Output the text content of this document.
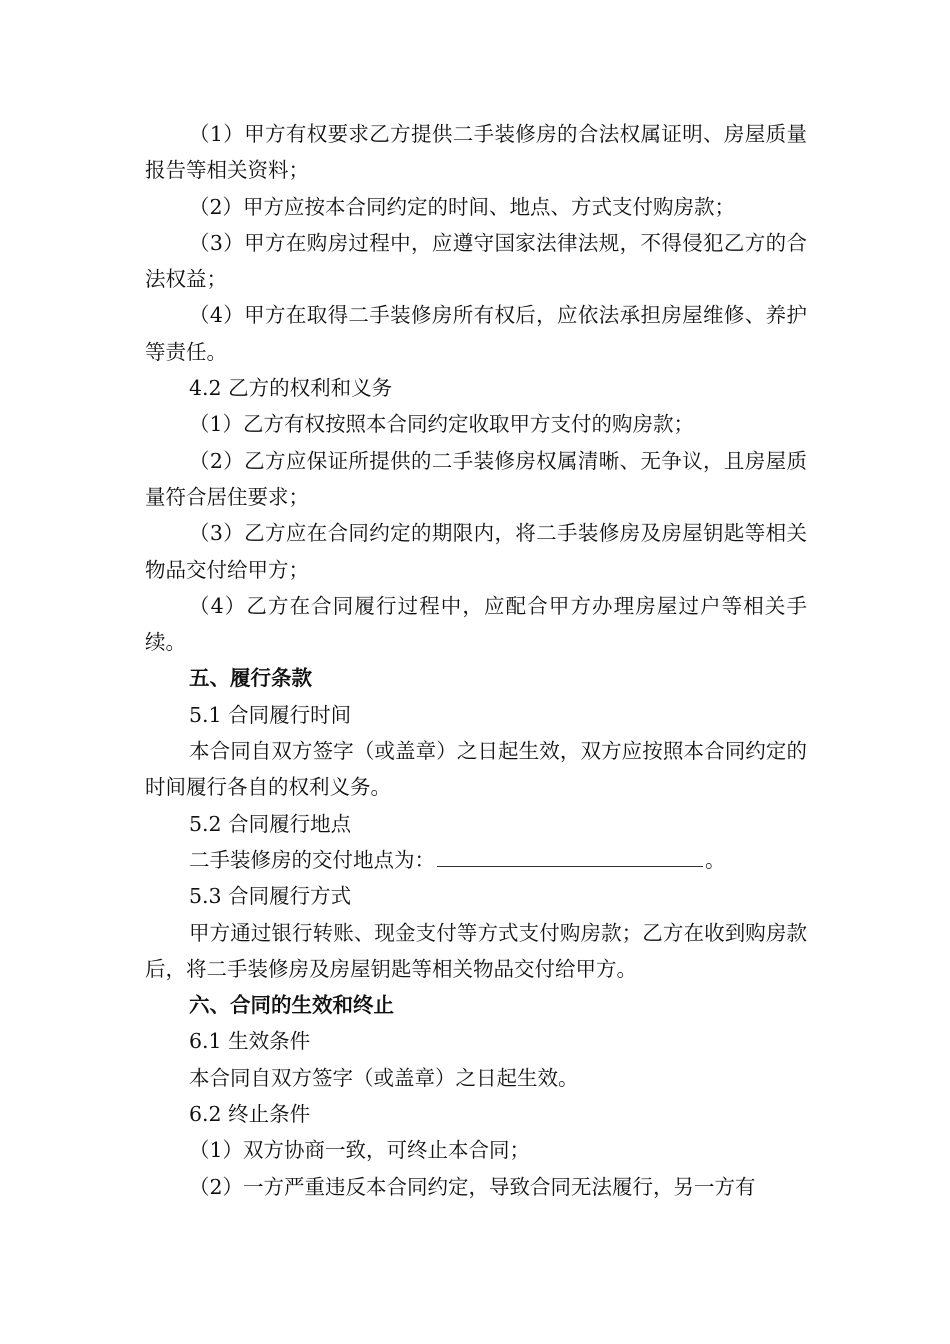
（1）甲方有权要求乙方提供二手装修房的合法权属证明、房屋质量报告等相关资料；

（2）甲方应按本合同约定的时间、地点、方式支付购房款；

（3）甲方在购房过程中，应遵守国家法律法规，不得侵犯乙方的合法权益；

（4）甲方在取得二手装修房所有权后，应依法承担房屋维修、养护等责任。

4.2 乙方的权利和义务

（1）乙方有权按照本合同约定收取甲方支付的购房款；

（2）乙方应保证所提供的二手装修房权属清晰、无争议，且房屋质量符合居住要求；

（3）乙方应在合同约定的期限内，将二手装修房及房屋钥匙等相关物品交付给甲方；

（4）乙方在合同履行过程中，应配合甲方办理房屋过户等相关手续。

五、履行条款

5.1 合同履行时间

本合同自双方签字（或盖章）之日起生效，双方应按照本合同约定的时间履行各自的权利义务。

5.2 合同履行地点

二手装修房的交付地点为：	。

5.3 合同履行方式

甲方通过银行转账、现金支付等方式支付购房款；乙方在收到购房款后，将二手装修房及房屋钥匙等相关物品交付给甲方。

六、合同的生效和终止

6.1 生效条件

本合同自双方签字（或盖章）之日起生效。

6.2 终止条件

（1）双方协商一致，可终止本合同；

（2）一方严重违反本合同约定，导致合同无法履行，另一方有
